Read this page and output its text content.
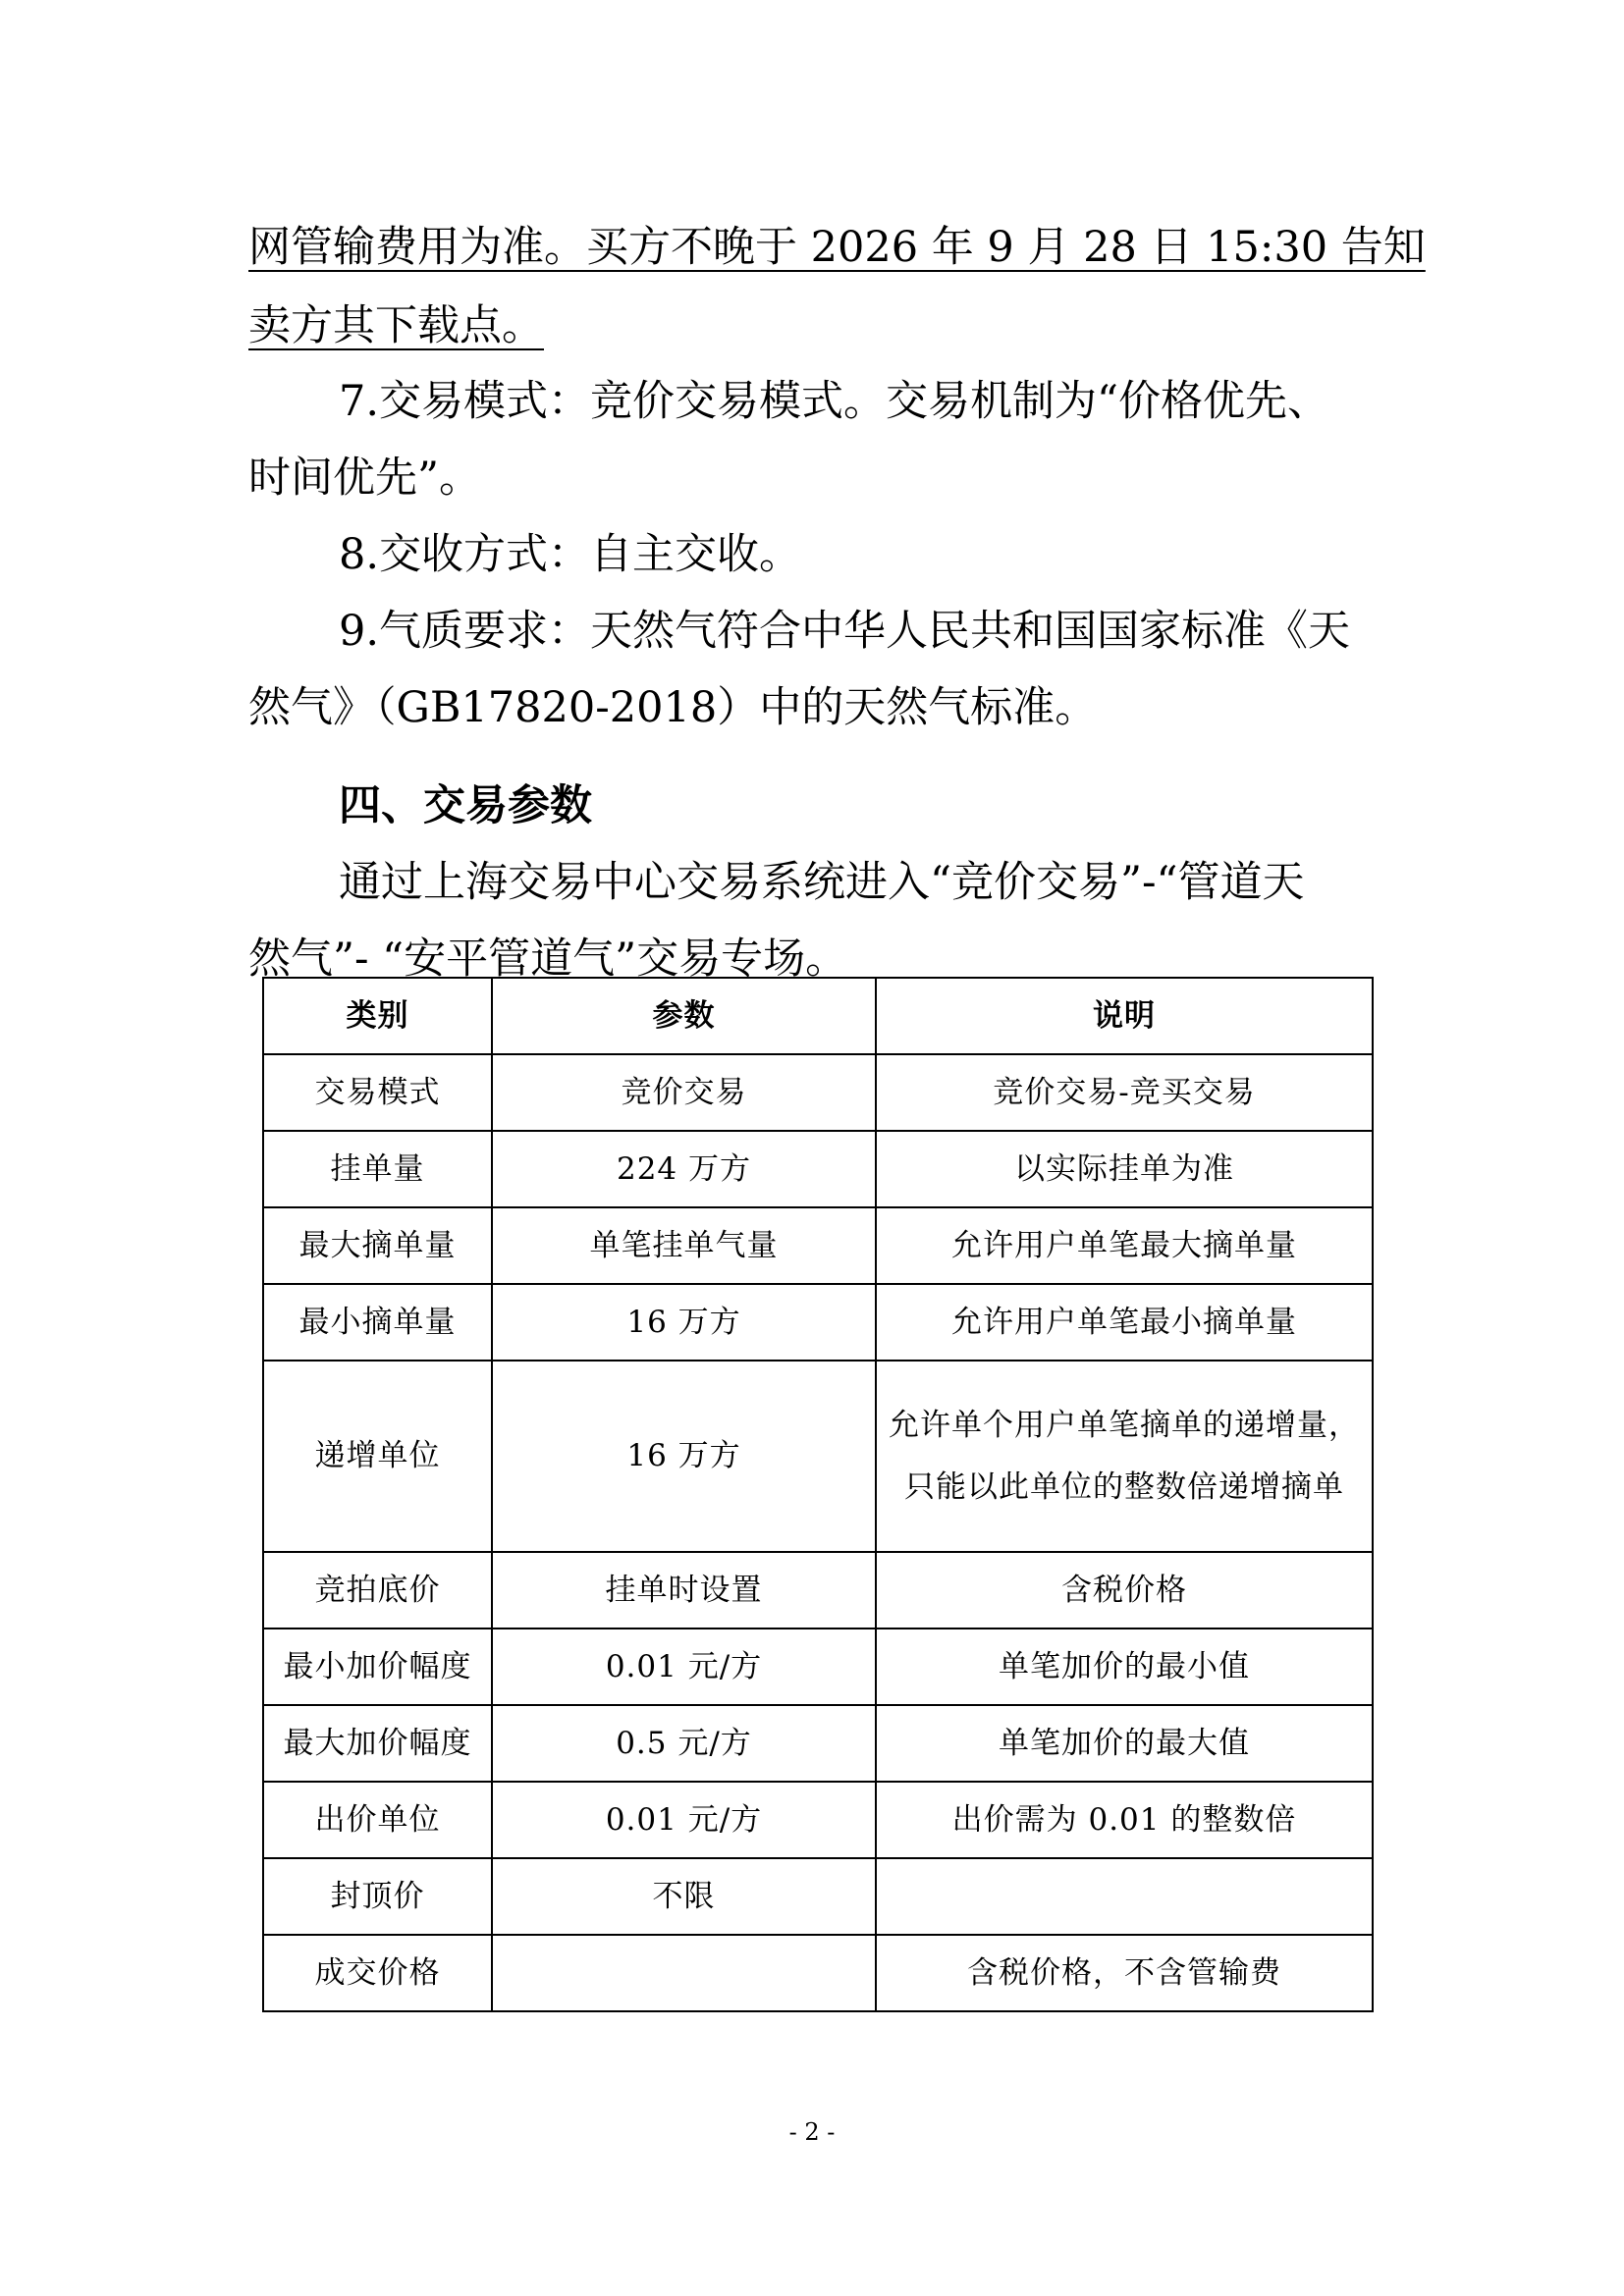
网管输费用为准。买方不晚于 2026 年 9 月 28 日 15:30 告知
卖方其下载点。
7.交易模式：竞价交易模式。交易机制为“价格优先、
时间优先”。
8.交收方式：自主交收。
9.气质要求：天然气符合中华人民共和国国家标准《天
然气》（GB17820-2018）中的天然气标准。
四、交易参数
通过上海交易中心交易系统进入“竞价交易”-“管道天
然气”- “安平管道气”交易专场。
类别	参数	说明
交易模式	竞价交易	竞价交易-竞买交易
挂单量	224 万方	以实际挂单为准
最大摘单量	单笔挂单气量	允许用户单笔最大摘单量
最小摘单量	16 万方	允许用户单笔最小摘单量
递增单位	16 万方	允许单个用户单笔摘单的递增量，只能以此单位的整数倍递增摘单
竞拍底价	挂单时设置	含税价格
最小加价幅度	0.01 元/方	单笔加价的最小值
最大加价幅度	0.5 元/方	单笔加价的最大值
出价单位	0.01 元/方	出价需为 0.01 的整数倍
封顶价	不限	
成交价格		含税价格，不含管输费
- 2 -
